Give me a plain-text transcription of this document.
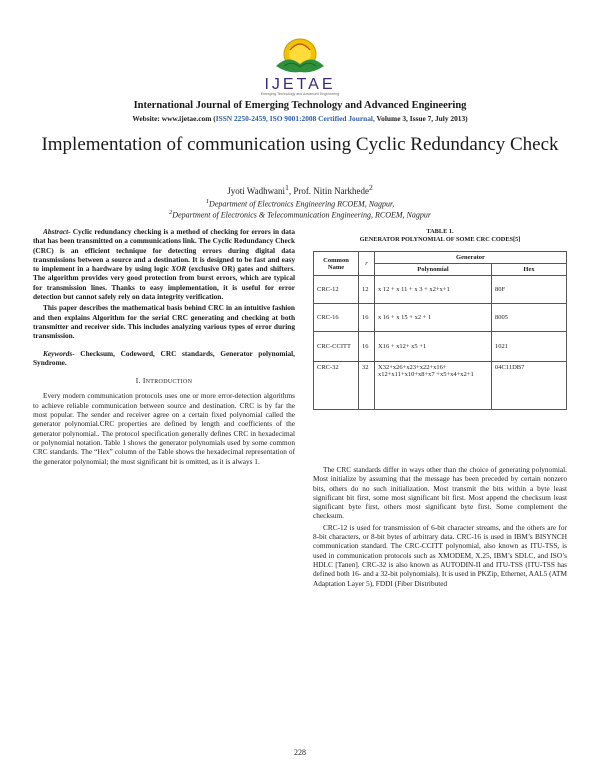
IJETAE
Emerging Technology and Advanced Engineering
International Journal of Emerging Technology and Advanced Engineering
Website: www.ijetae.com (ISSN 2250-2459, ISO 9001:2008 Certified Journal, Volume 3, Issue 7, July 2013)
Implementation of communication using Cyclic Redundancy Check
Jyoti Wadhwani$^1$, Prof. Nitin Narkhede$^2$
$^1$Department of Electronics Engineering RCOEM, Nagpur,
$^2$Department of Electronics & Telecommunication Engineering, RCOEM, Nagpur

Abstract- Cyclic redundancy checking is a method of checking for errors in data that has been transmitted on a communications link. The Cyclic Redundancy Check (CRC) is an efficient technique for detecting errors during digital data transmissions between a source and a destination. It is designed to be fast and easy to implement in a hardware by using logic XOR (exclusive OR) gates and shifters. The algorithm provides very good protection from burst errors, which are typical for transmission lines. Thanks to easy implementation, it is useful for error detection but cannot safely rely on data integrity verification.

This paper describes the mathematical basis behind CRC in an intuitive fashion and then explains Algorithm for the serial CRC generating and checking at both transmitter and receiver side. This includes analyzing various types of error during transmission.

Keywords- Checksum, Codeword, CRC standards, Generator polynomial, Syndrome.

I. INTRODUCTION

Every modern communication protocols uses one or more error-detection algorithms to achieve reliable communication between source and destination. CRC is by far the most popular. The sender and receiver agree on a certain fixed polynomial called the generator polynomial.CRC properties are defined by length and coefficients of the generator polynomial.. The protocol specification generally defines CRC in hexadecimal or polynomial notation. Table 1 shows the generator polynomials used by some common CRC standards. The “Hex” column of the Table shows the hexadecimal representation of the generator polynomial; the most significant bit is omitted, as it is always 1.

TABLE 1.
GENERATOR POLYNOMIAL OF SOME CRC CODES[5]
Common Name	r	Generator	
		Polynomial	Hex
CRC-12	12	x 12 + x 11 + x 3 + x2+x+1	80F
CRC-16	16	x 16 + x 15 + x2 + 1	8005
CRC-CCITT	16	X16 + x12+ x5 +1	1021
CRC-32	32	X32+x26+x23+x22+x16+ x12+x11+x10+x8+x7 +x5+x4+x2+1	04C11DB7

The CRC standards differ in ways other than the choice of generating polynomial. Most initialize by assuming that the message has been preceded by certain nonzero bits, others do no such initialization. Most transmit the bits within a byte least significant bit first, some most significant bit first. Most append the checksum least significant byte first, others most significant byte first. Some complement the checksum.

CRC-12 is used for transmission of 6-bit character streams, and the others are for 8-bit characters, or 8-bit bytes of arbitrary data. CRC-16 is used in IBM’s BISYNCH communication standard. The CRC-CCITT polynomial, also known as ITU-TSS, is used in communication protocols such as XMODEM, X.25, IBM’s SDLC, and ISO’s HDLC [Tanen]. CRC-32 is also known as AUTODIN-II and ITU-TSS (ITU-TSS has defined both 16- and a 32-bit polynomials). It is used in PKZip, Ethernet, AAL5 (ATM Adaptation Layer 5), FDDI (Fiber Distributed

228
